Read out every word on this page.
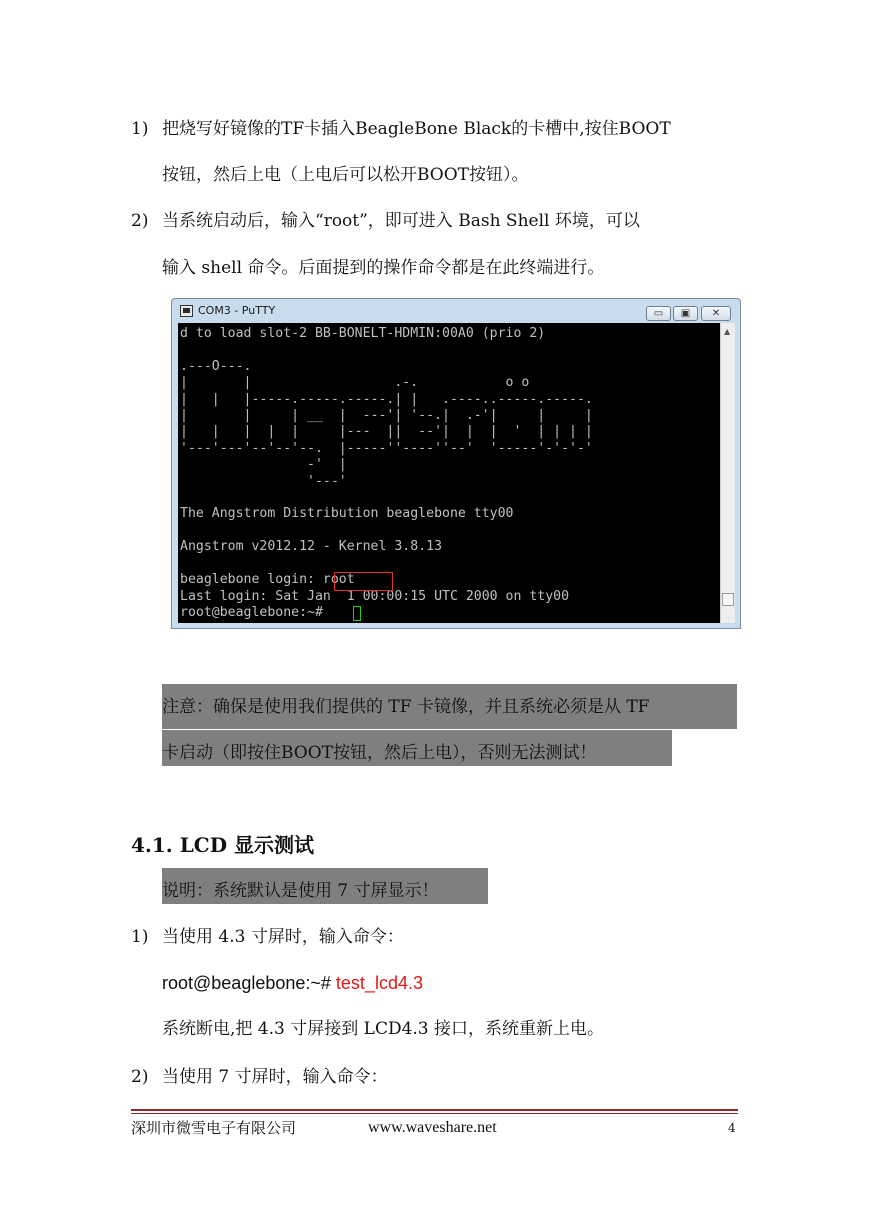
1) 把烧写好镜像的TF卡插入BeagleBone Black的卡槽中,按住BOOT
按钮，然后上电（上电后可以松开BOOT按钮）。
2) 当系统启动后，输入“root”，即可进入 Bash Shell 环境，可以
输入 shell 命令。后面提到的操作命令都是在此终端进行。
COM3 - PuTTY	▭	▣	✕
d to load slot-2 BB-BONELT-HDMIN:00A0 (prio 2)

.---O---.
|       |                  .-.           o o
|   |   |-----.-----.-----.| |   .----..-----.-----.
|       |     | __  |  ---'| '--.|  .-'|     |     |
|   |   |  |  |     |---  ||  --'|  |  |  '  | | | |
'---'---'--'--'--.  |-----''----''--'  '-----'-'-'-'
-'  |
'---'

The Angstrom Distribution beaglebone tty00

Angstrom v2012.12 - Kernel 3.8.13

beaglebone login: root
Last login: Sat Jan  1 00:00:15 UTC 2000 on tty00
root@beaglebone:~#
▲
注意：确保是使用我们提供的 TF 卡镜像，并且系统必须是从 TF
卡启动（即按住BOOT按钮，然后上电），否则无法测试！
4.1. LCD 显示测试
说明：系统默认是使用 7 寸屏显示！
1) 当使用 4.3 寸屏时，输入命令：
root@beaglebone:~# test_lcd4.3
系统断电,把 4.3 寸屏接到 LCD4.3 接口，系统重新上电。
2) 当使用 7 寸屏时，输入命令：
深圳市微雪电子有限公司	www.waveshare.net	4
